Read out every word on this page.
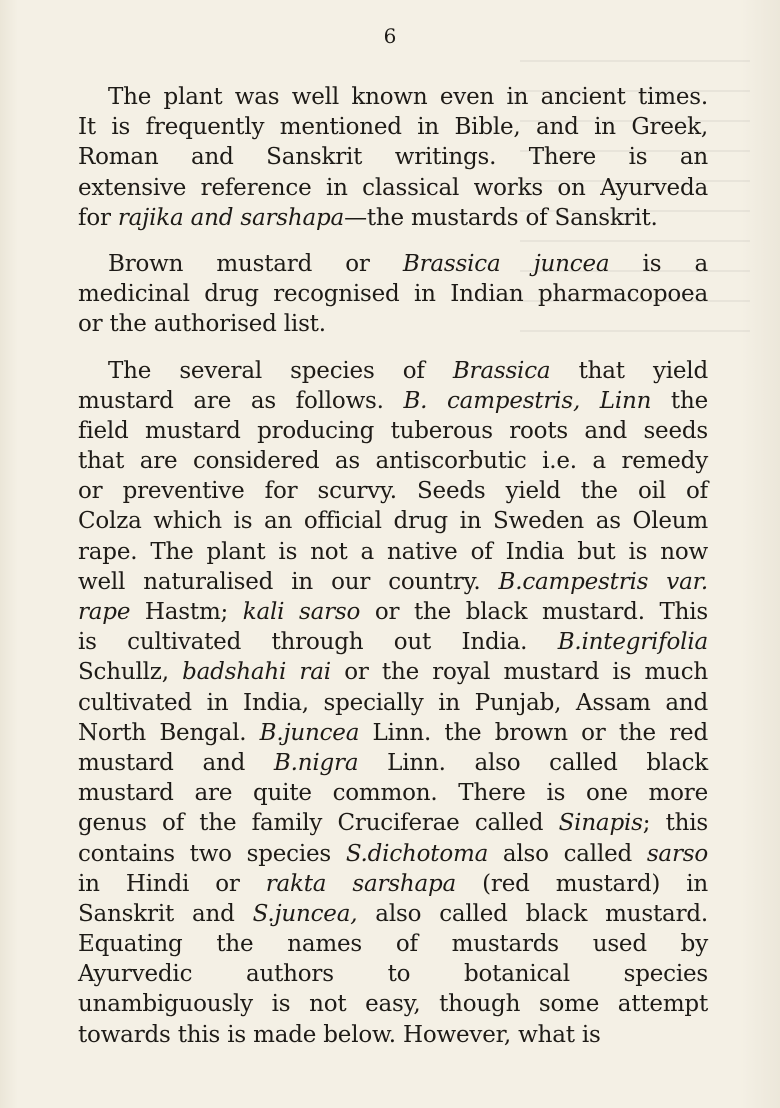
6
The plant was well known even in ancient times.
It is frequently mentioned in Bible, and in Greek,
Roman and Sanskrit writings. There is an
extensive reference in classical works on Ayurveda
for rajika and sarshapa—the mustards of Sanskrit.
Brown mustard or Brassica juncea is a
medicinal drug recognised in Indian pharmacopoea
or the authorised list.
The several species of Brassica that yield
mustard are as follows. B. campestris, Linn the
field mustard producing tuberous roots and seeds
that are considered as antiscorbutic i.e. a remedy
or preventive for scurvy. Seeds yield the oil of
Colza which is an official drug in Sweden as Oleum
rape. The plant is not a native of India but is now
well naturalised in our country. B.campestris var.
rape Hastm; kali sarso or the black mustard. This
is cultivated through out India. B.integrifolia
Schullz, badshahi rai or the royal mustard is much
cultivated in India, specially in Punjab, Assam and
North Bengal. B.juncea Linn. the brown or the red
mustard and B.nigra Linn. also called black
mustard are quite common. There is one more
genus of the family Cruciferae called Sinapis; this
contains two species S.dichotoma also called sarso
in Hindi or rakta sarshapa (red mustard) in
Sanskrit and S.juncea, also called black mustard.
Equating the names of mustards used by
Ayurvedic authors to botanical species
unambiguously is not easy, though some attempt
towards this is made below. However, what is
